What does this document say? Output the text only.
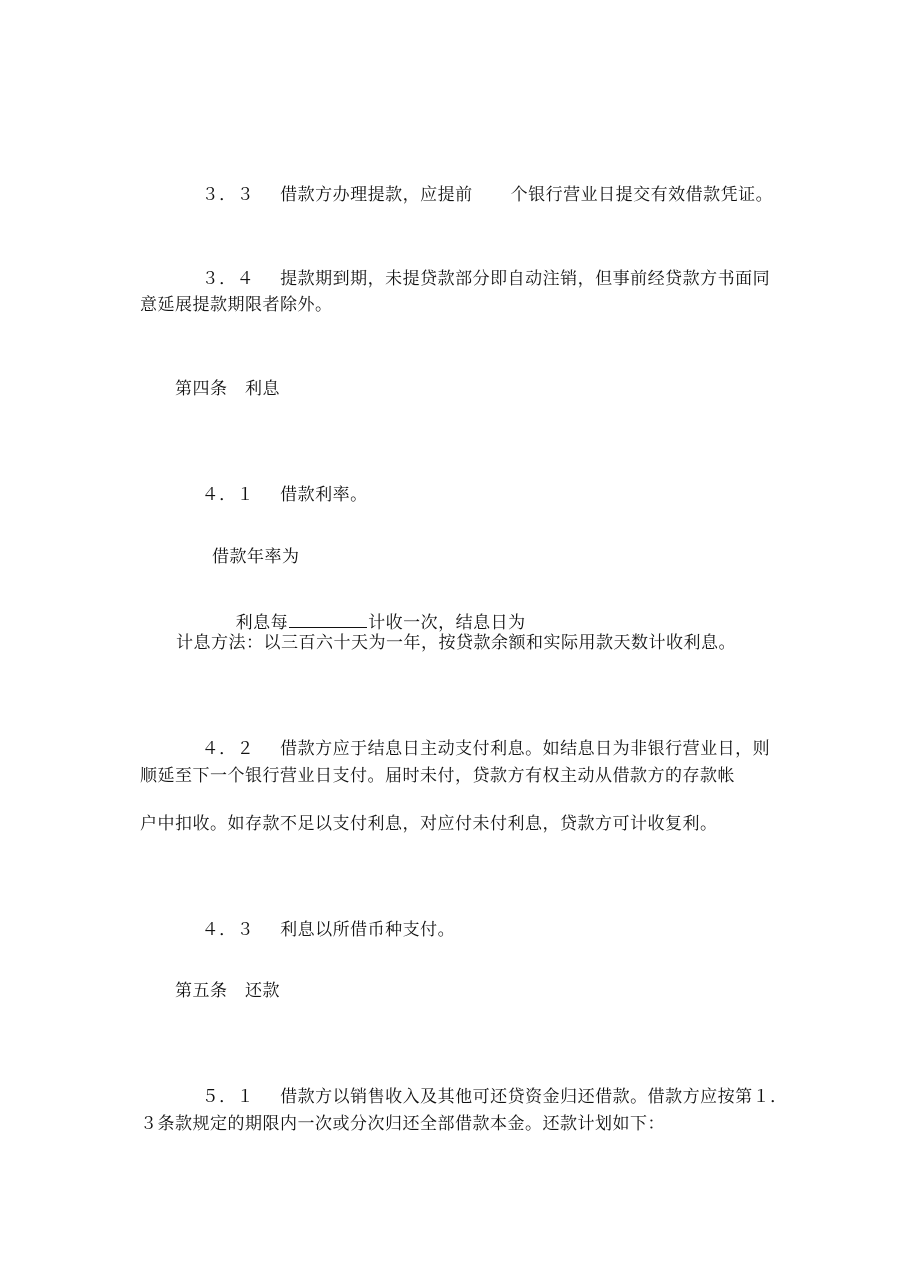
３．３ 借款方办理提款，应提前 个银行营业日提交有效借款凭证。

３．４ 提款期到期，未提贷款部分即自动注销，但事前经贷款方书面同

意延展提款期限者除外。
第四条　利息

４．１ 借款利率。

借款年率为

利息每	计收一次，结息日为

计息方法：以三百六十天为一年，按贷款余额和实际用款天数计收利息。

４．２ 借款方应于结息日主动支付利息。如结息日为非银行营业日，则

顺延至下一个银行营业日支付。届时未付，贷款方有权主动从借款方的存款帐
户中扣收。如存款不足以支付利息，对应付未付利息，贷款方可计收复利。

４．３ 利息以所借币种支付。

第五条　还款

５．１ 借款方以销售收入及其他可还贷资金归还借款。借款方应按第１．

３条款规定的期限内一次或分次归还全部借款本金。还款计划如下：
